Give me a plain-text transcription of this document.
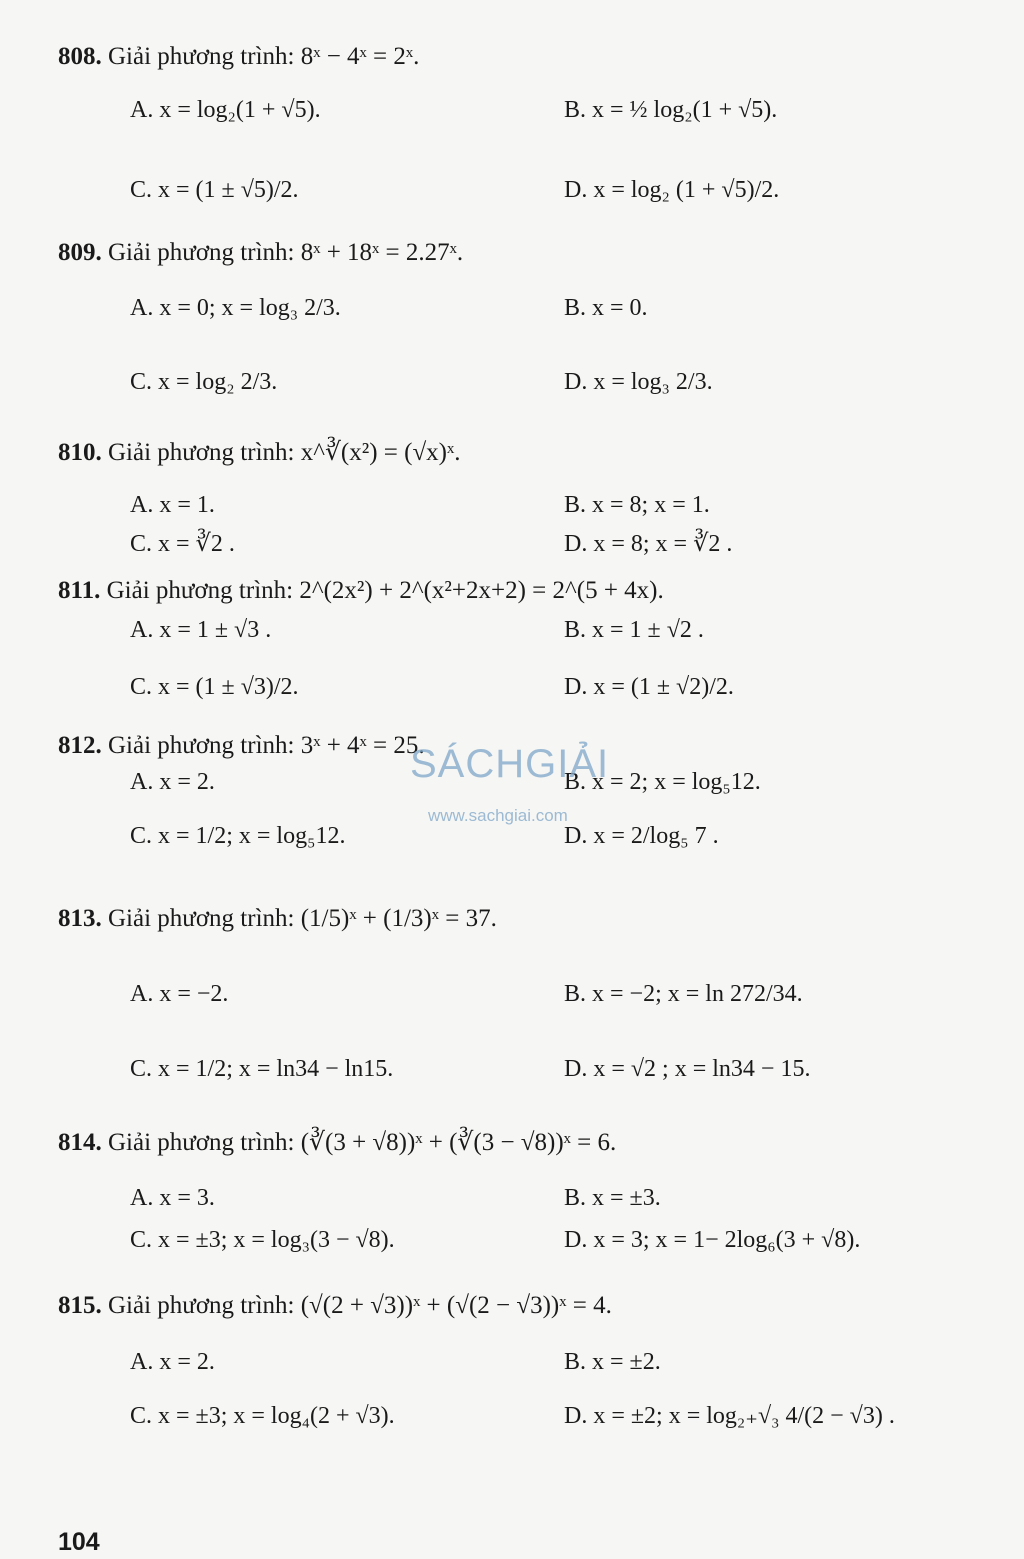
808. Giải phương trình: 8ˣ − 4ˣ = 2ˣ.
A. x = log₂(1 + √5).	B. x = ½ log₂(1 + √5).
C. x = (1 ± √5)/2.	D. x = log₂ (1 + √5)/2.
809. Giải phương trình: 8ˣ + 18ˣ = 2.27ˣ.
A. x = 0; x = log₃ 2/3.	B. x = 0.
C. x = log₂ 2/3.	D. x = log₃ 2/3.
810. Giải phương trình: x^∛(x²) = (√x)ˣ.
A. x = 1.	B. x = 8; x = 1.
C. x = ∛2 .	D. x = 8; x = ∛2 .
811. Giải phương trình: 2^(2x²) + 2^(x²+2x+2) = 2^(5 + 4x).
A. x = 1 ± √3 .	B. x = 1 ± √2 .
C. x = (1 ± √3)/2.	D. x = (1 ± √2)/2.
812. Giải phương trình: 3ˣ + 4ˣ = 25.
A. x = 2.	B. x = 2; x = log₅12.
C. x = 1/2; x = log₅12.	D. x = 2/log₅ 7 .
813. Giải phương trình: (1/5)ˣ + (1/3)ˣ = 37.
A. x = −2.	B. x = −2; x = ln 272/34.
C. x = 1/2; x = ln34 − ln15.	D. x = √2 ; x = ln34 − 15.
814. Giải phương trình: (∛(3 + √8))ˣ + (∛(3 − √8))ˣ = 6.
A. x = 3.	B. x = ±3.
C. x = ±3; x = log₃(3 − √8).	D. x = 3; x = 1− 2log₆(3 + √8).
815. Giải phương trình: (√(2 + √3))ˣ + (√(2 − √3))ˣ = 4.
A. x = 2.	B. x = ±2.
C. x = ±3; x = log₄(2 + √3).	D. x = ±2; x = log₂₊√₃ 4/(2 − √3) .
SÁCHGIẢI
www.sachgiai.com
104
